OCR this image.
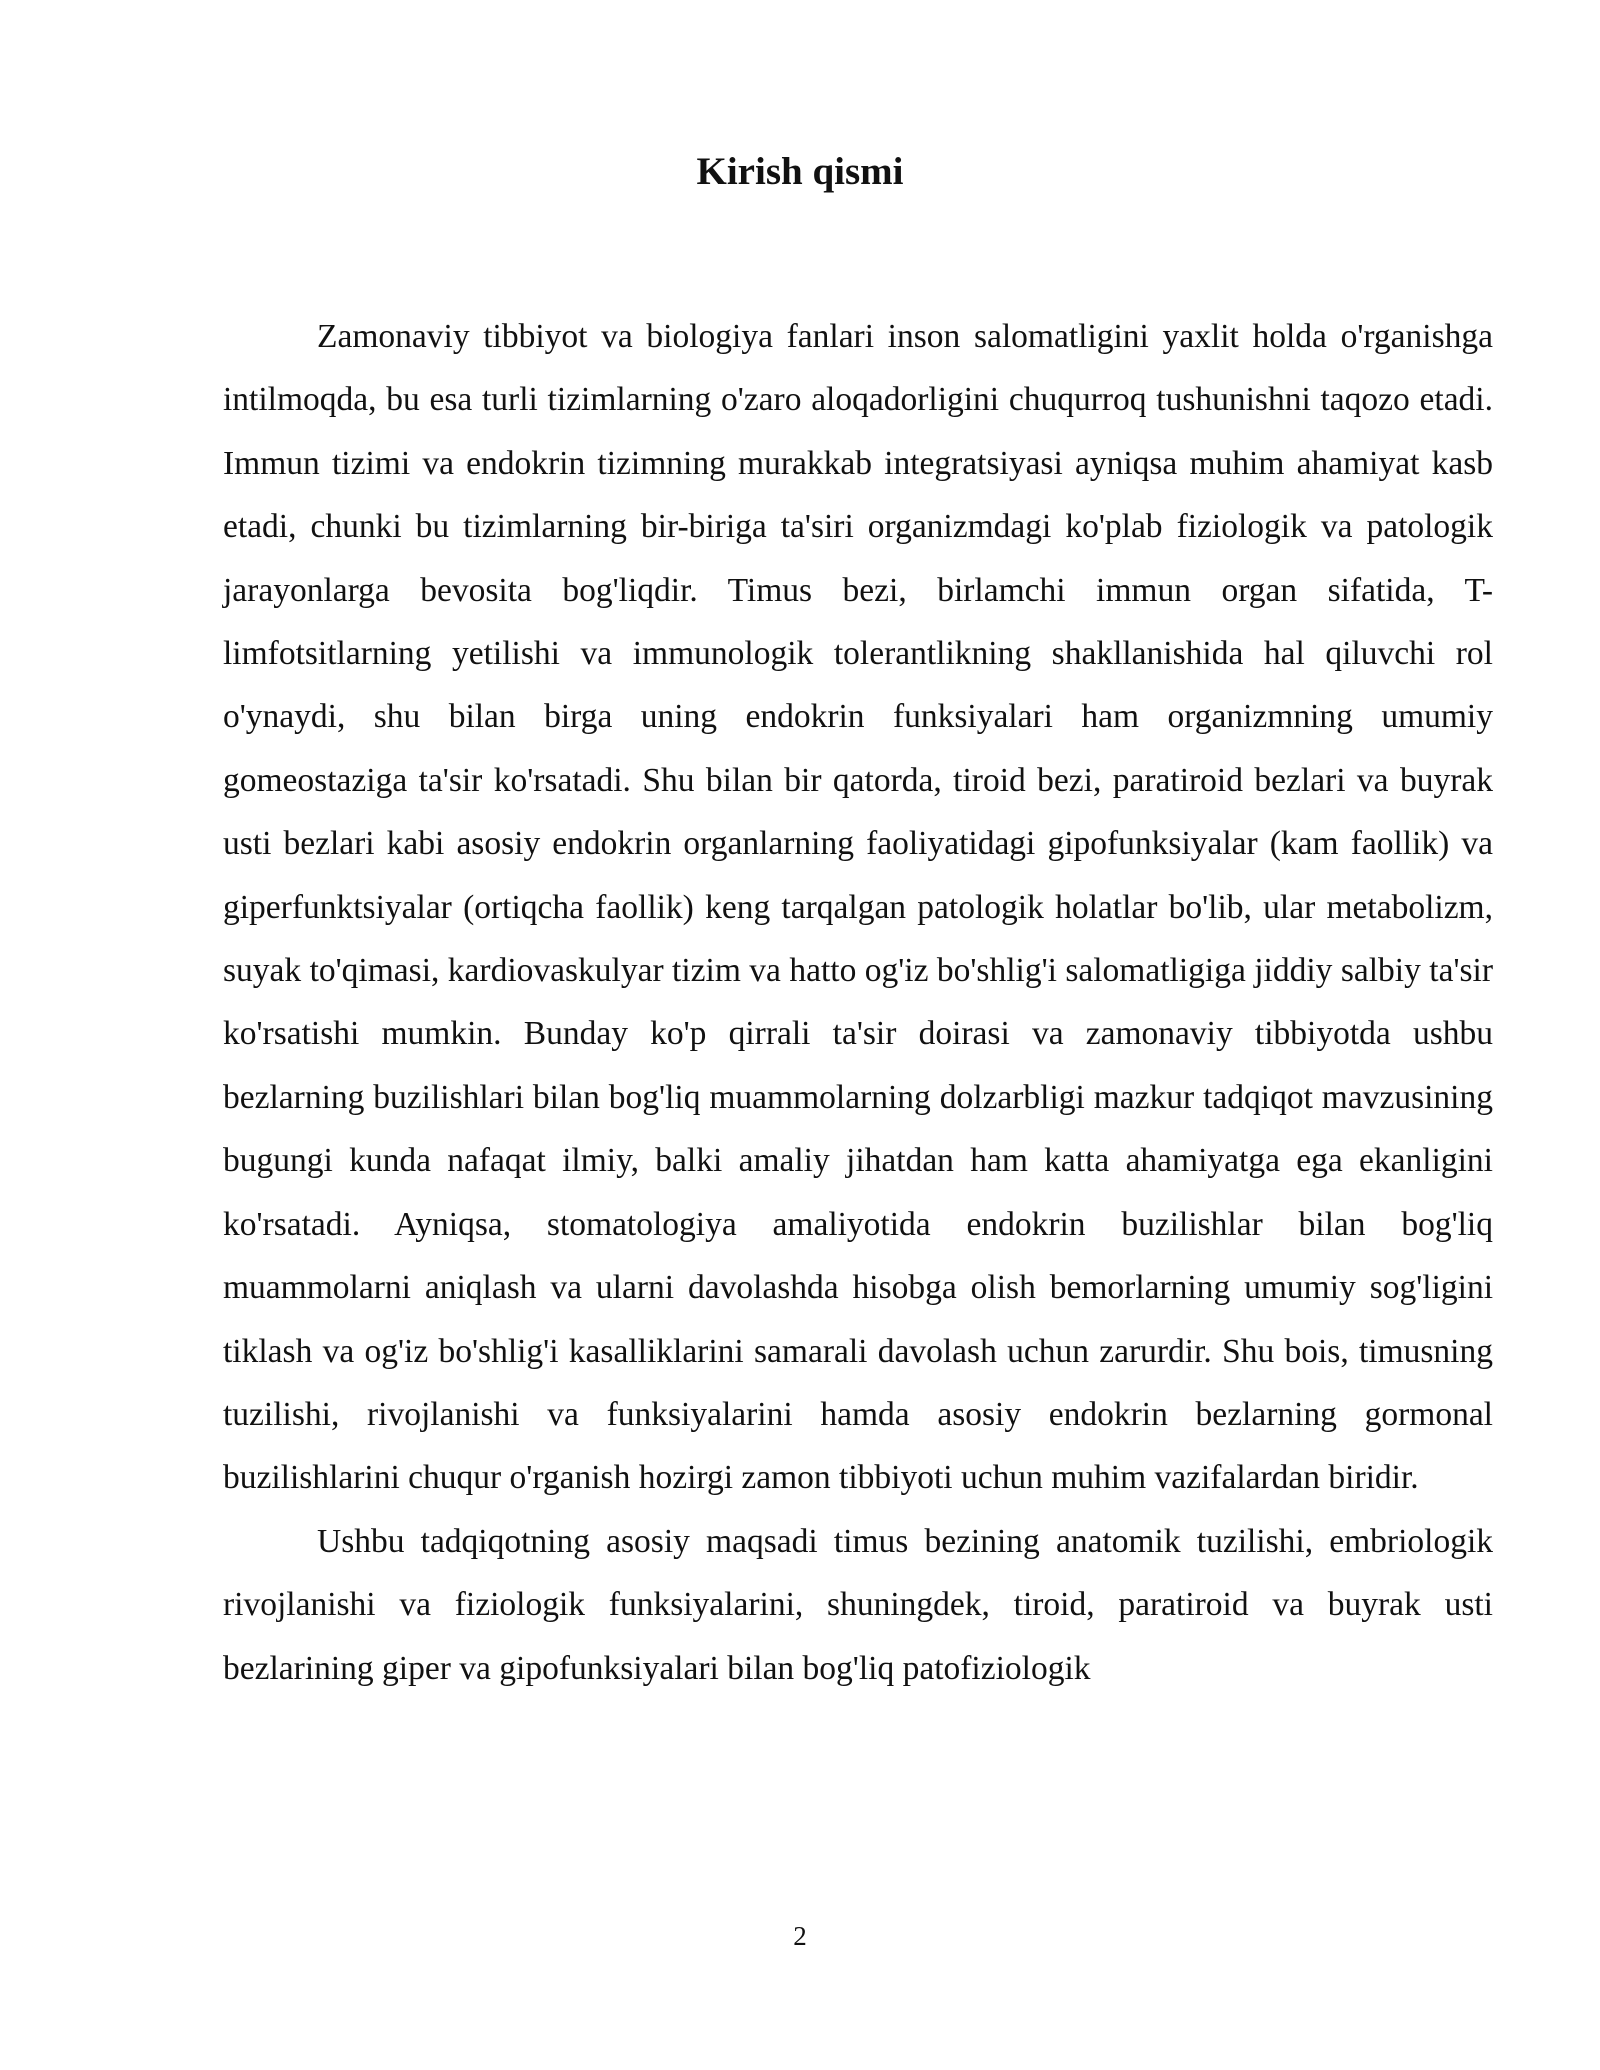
Kirish qismi

Zamonaviy tibbiyot va biologiya fanlari inson salomatligini yaxlit holda o'rganishga intilmoqda, bu esa turli tizimlarning o'zaro aloqadorligini chuqurroq tushunishni taqozo etadi. Immun tizimi va endokrin tizimning murakkab integratsiyasi ayniqsa muhim ahamiyat kasb etadi, chunki bu tizimlarning bir-biriga ta'siri organizmdagi ko'plab fiziologik va patologik jarayonlarga bevosita bog'liqdir. Timus bezi, birlamchi immun organ sifatida, T-limfotsitlarning yetilishi va immunologik tolerantlikning shakllanishida hal qiluvchi rol o'ynaydi, shu bilan birga uning endokrin funksiyalari ham organizmning umumiy gomeostaziga ta'sir ko'rsatadi. Shu bilan bir qatorda, tiroid bezi, paratiroid bezlari va buyrak usti bezlari kabi asosiy endokrin organlarning faoliyatidagi gipofunksiyalar (kam faollik) va giperfunktsiyalar (ortiqcha faollik) keng tarqalgan patologik holatlar bo'lib, ular metabolizm, suyak to'qimasi, kardiovaskulyar tizim va hatto og'iz bo'shlig'i salomatligiga jiddiy salbiy ta'sir ko'rsatishi mumkin. Bunday ko'p qirrali ta'sir doirasi va zamonaviy tibbiyotda ushbu bezlarning buzilishlari bilan bog'liq muammolarning dolzarbligi mazkur tadqiqot mavzusining bugungi kunda nafaqat ilmiy, balki amaliy jihatdan ham katta ahamiyatga ega ekanligini ko'rsatadi. Ayniqsa, stomatologiya amaliyotida endokrin buzilishlar bilan bog'liq muammolarni aniqlash va ularni davolashda hisobga olish bemorlarning umumiy sog'ligini tiklash va og'iz bo'shlig'i kasalliklarini samarali davolash uchun zarurdir. Shu bois, timusning tuzilishi, rivojlanishi va funksiyalarini hamda asosiy endokrin bezlarning gormonal buzilishlarini chuqur o'rganish hozirgi zamon tibbiyoti uchun muhim vazifalardan biridir.

Ushbu tadqiqotning asosiy maqsadi timus bezining anatomik tuzilishi, embriologik rivojlanishi va fiziologik funksiyalarini, shuningdek, tiroid, paratiroid va buyrak usti bezlarining giper va gipofunksiyalari bilan bog'liq patofiziologik

2
